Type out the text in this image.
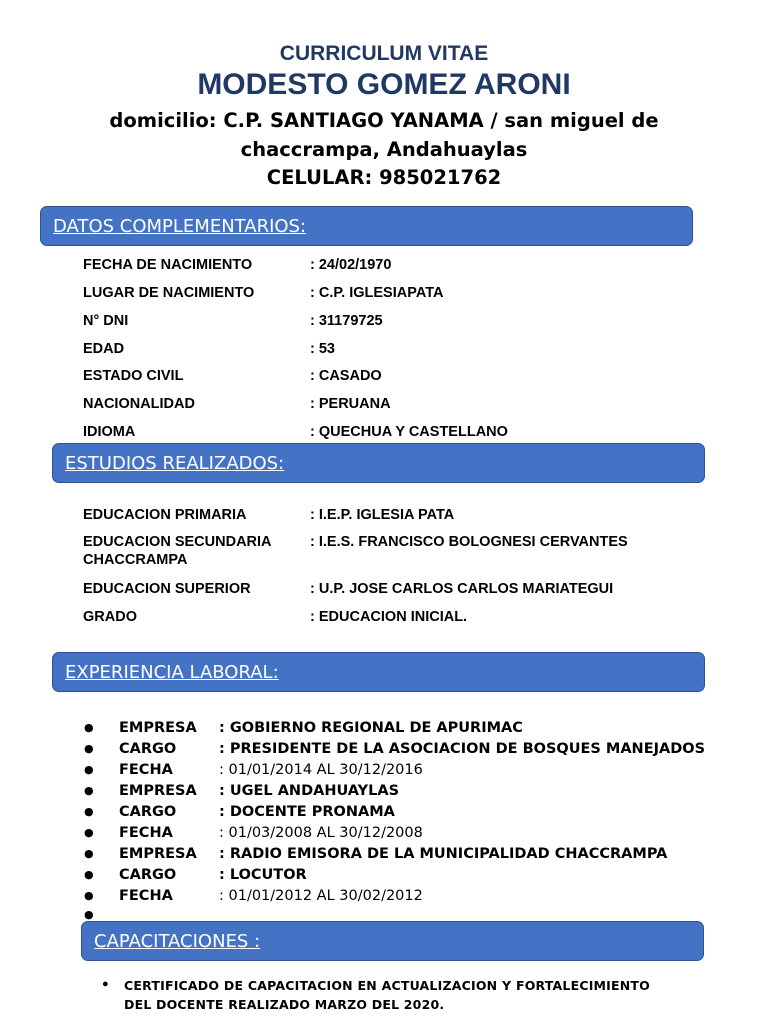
CURRICULUM VITAE
MODESTO GOMEZ ARONI
domicilio: C.P. SANTIAGO YANAMA / san miguel de
chaccrampa, Andahuaylas
CELULAR: 985021762
DATOS COMPLEMENTARIOS:
FECHA DE NACIMIENTO	: 24/02/1970
LUGAR DE NACIMIENTO	: C.P. IGLESIAPATA
N° DNI	: 31179725
EDAD	: 53
ESTADO CIVIL	: CASADO
NACIONALIDAD	: PERUANA
IDIOMA	: QUECHUA Y CASTELLANO
ESTUDIOS REALIZADOS:
EDUCACION PRIMARIA	: I.E.P. IGLESIA PATA
EDUCACION SECUNDARIA	: I.E.S. FRANCISCO BOLOGNESI CERVANTES
CHACCRAMPA
EDUCACION SUPERIOR	: U.P. JOSE CARLOS CARLOS MARIATEGUI
GRADO	: EDUCACION INICIAL.
EXPERIENCIA LABORAL:
● EMPRESA : GOBIERNO REGIONAL DE APURIMAC
● CARGO	: PRESIDENTE DE LA ASOCIACION DE BOSQUES MANEJADOS
● FECHA	: 01/01/2014 AL 30/12/2016
● EMPRESA : UGEL ANDAHUAYLAS
● CARGO	: DOCENTE PRONAMA
● FECHA	: 01/03/2008 AL 30/12/2008
● EMPRESA : RADIO EMISORA DE LA MUNICIPALIDAD CHACCRAMPA
● CARGO	: LOCUTOR
● FECHA	: 01/01/2012 AL 30/02/2012
●
CAPACITACIONES :
● CERTIFICADO DE CAPACITACION EN ACTUALIZACION Y FORTALECIMIENTO DEL DOCENTE REALIZADO MARZO DEL 2020.
